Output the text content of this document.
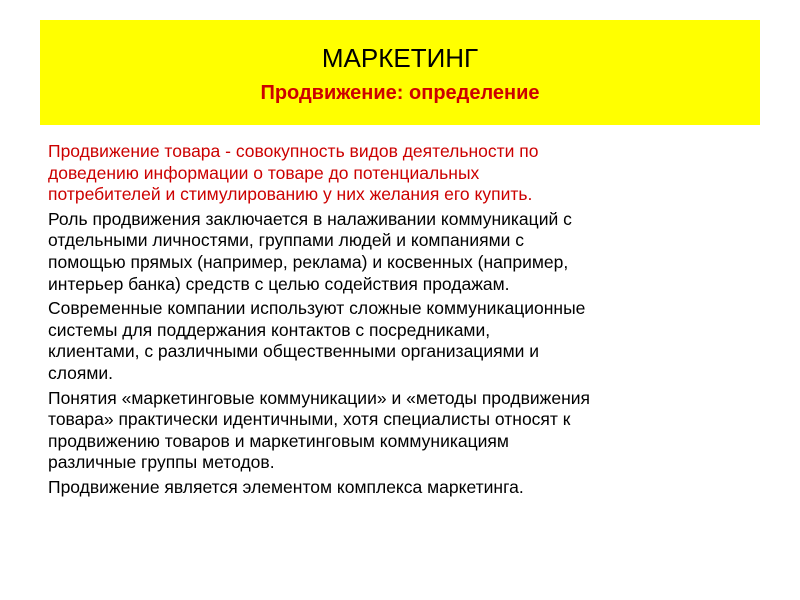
МАРКЕТИНГ
Продвижение: определение

Продвижение товара - совокупность видов деятельности по
доведению информации о товаре до потенциальных
потребителей и стимулированию у них желания его купить.

Роль продвижения заключается в налаживании коммуникаций с
отдельными личностями, группами людей и компаниями с
помощью прямых (например, реклама) и косвенных (например,
интерьер банка) средств с целью содействия продажам.

Современные компании используют сложные коммуникационные
системы для поддержания контактов с посредниками,
клиентами, с различными общественными организациями и
слоями.

Понятия «маркетинговые коммуникации» и «методы продвижения
товара» практически идентичными, хотя специалисты относят к
продвижению товаров и маркетинговым коммуникациям
различные группы методов.

Продвижение является элементом комплекса маркетинга.
